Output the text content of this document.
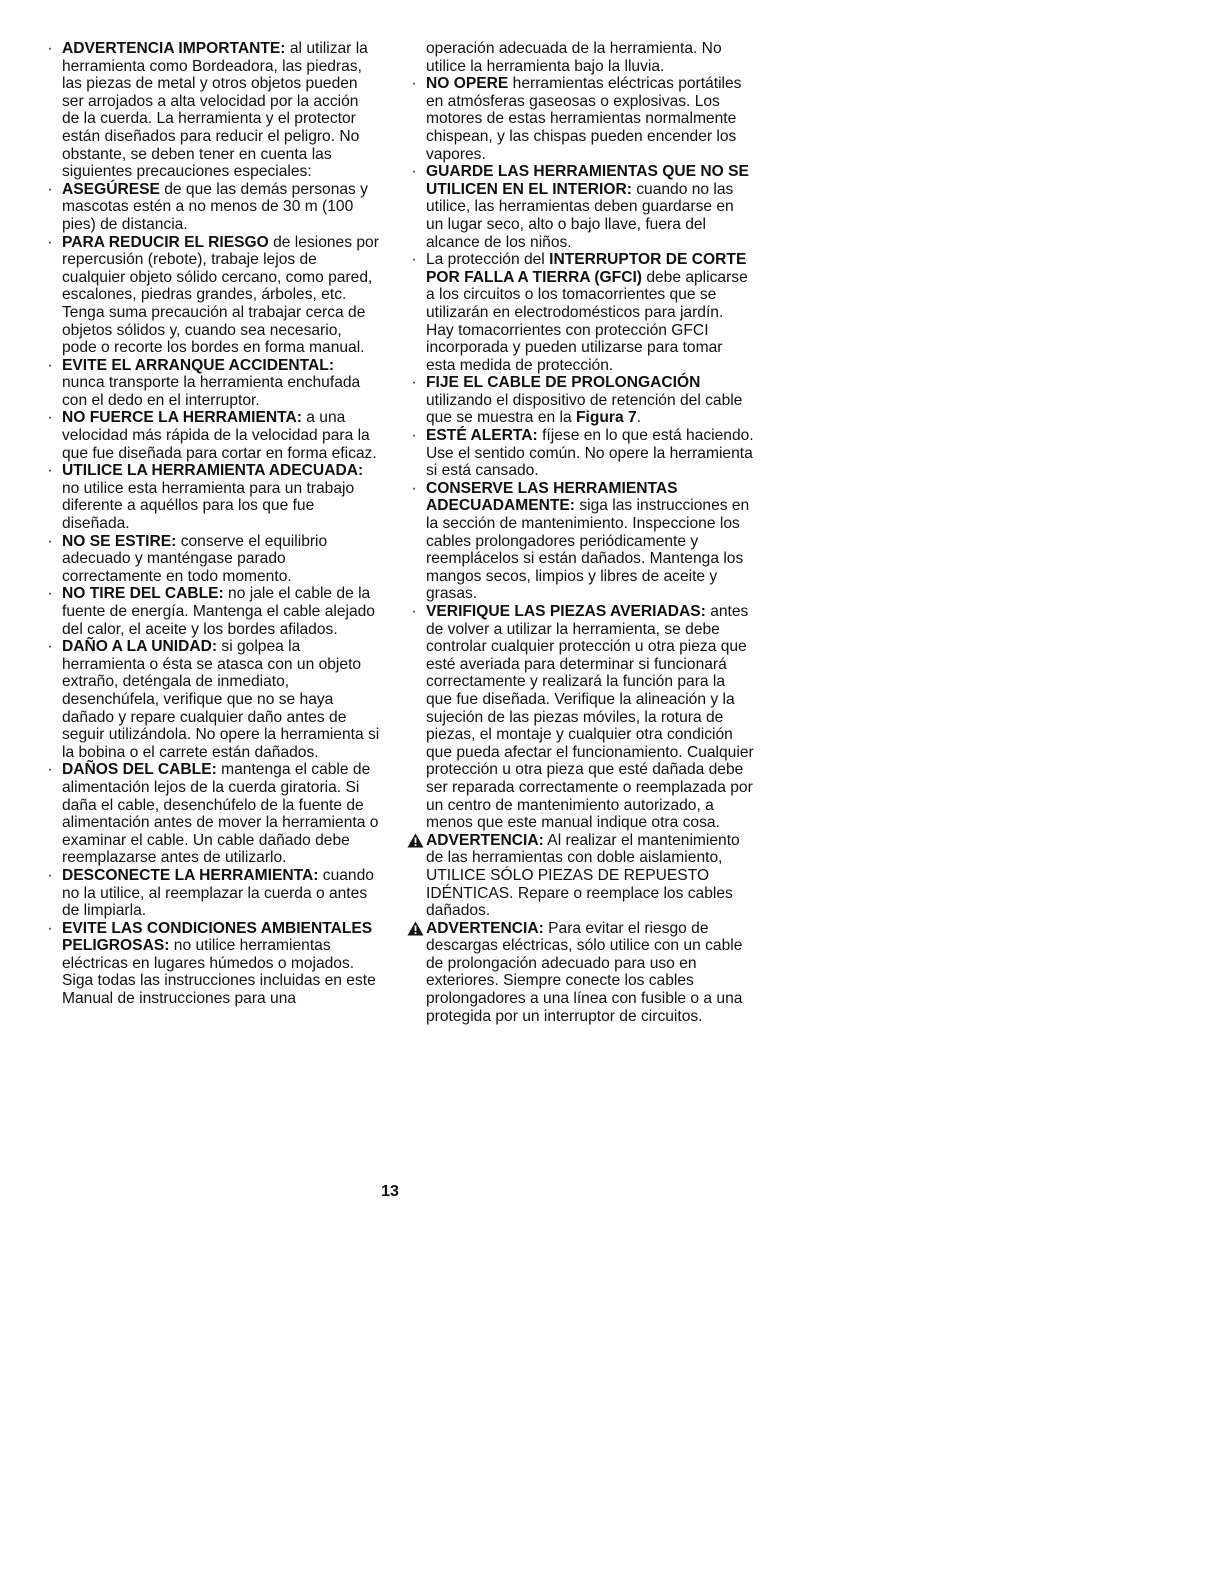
· ADVERTENCIA IMPORTANTE: al utilizar la herramienta como Bordeadora, las piedras, las piezas de metal y otros objetos pueden ser arrojados a alta velocidad por la acción de la cuerda. La herramienta y el protector están diseñados para reducir el peligro. No obstante, se deben tener en cuenta las siguientes precauciones especiales:

· ASEGÚRESE de que las demás personas y mascotas estén a no menos de 30 m (100 pies) de distancia.

· PARA REDUCIR EL RIESGO de lesiones por repercusión (rebote), trabaje lejos de cualquier objeto sólido cercano, como pared, escalones, piedras grandes, árboles, etc. Tenga suma precaución al trabajar cerca de objetos sólidos y, cuando sea necesario, pode o recorte los bordes en forma manual.

· EVITE EL ARRANQUE ACCIDENTAL: nunca transporte la herramienta enchufada con el dedo en el interruptor.

· NO FUERCE LA HERRAMIENTA: a una velocidad más rápida de la velocidad para la que fue diseñada para cortar en forma eficaz.

· UTILICE LA HERRAMIENTA ADECUADA: no utilice esta herramienta para un trabajo diferente a aquéllos para los que fue diseñada.

· NO SE ESTIRE: conserve el equilibrio adecuado y manténgase parado correctamente en todo momento.

· NO TIRE DEL CABLE: no jale el cable de la fuente de energía. Mantenga el cable alejado del calor, el aceite y los bordes afilados.

· DAÑO A LA UNIDAD: si golpea la herramienta o ésta se atasca con un objeto extraño, deténgala de inmediato, desenchúfela, verifique que no se haya dañado y repare cualquier daño antes de seguir utilizándola. No opere la herramienta si la bobina o el carrete están dañados.

· DAÑOS DEL CABLE: mantenga el cable de alimentación lejos de la cuerda giratoria. Si daña el cable, desenchúfelo de la fuente de alimentación antes de mover la herramienta o examinar el cable. Un cable dañado debe reemplazarse antes de utilizarlo.

· DESCONECTE LA HERRAMIENTA: cuando no la utilice, al reemplazar la cuerda o antes de limpiarla.

· EVITE LAS CONDICIONES AMBIENTALES PELIGROSAS: no utilice herramientas eléctricas en lugares húmedos o mojados. Siga todas las instrucciones incluidas en este Manual de instrucciones para una

operación adecuada de la herramienta. No utilice la herramienta bajo la lluvia.

· NO OPERE herramientas eléctricas portátiles en atmósferas gaseosas o explosivas. Los motores de estas herramientas normalmente chispean, y las chispas pueden encender los vapores.

· GUARDE LAS HERRAMIENTAS QUE NO SE UTILICEN EN EL INTERIOR: cuando no las utilice, las herramientas deben guardarse en un lugar seco, alto o bajo llave, fuera del alcance de los niños.

· La protección del INTERRUPTOR DE CORTE POR FALLA A TIERRA (GFCI) debe aplicarse a los circuitos o los tomacorrientes que se utilizarán en electrodomésticos para jardín. Hay tomacorrientes con protección GFCI incorporada y pueden utilizarse para tomar esta medida de protección.

· FIJE EL CABLE DE PROLONGACIÓN utilizando el dispositivo de retención del cable que se muestra en la Figura 7.

· ESTÉ ALERTA: fíjese en lo que está haciendo. Use el sentido común. No opere la herramienta si está cansado.

· CONSERVE LAS HERRAMIENTAS ADECUADAMENTE: siga las instrucciones en la sección de mantenimiento. Inspeccione los cables prolongadores periódicamente y reemplácelos si están dañados. Mantenga los mangos secos, limpios y libres de aceite y grasas.

· VERIFIQUE LAS PIEZAS AVERIADAS: antes de volver a utilizar la herramienta, se debe controlar cualquier protección u otra pieza que esté averiada para determinar si funcionará correctamente y realizará la función para la que fue diseñada. Verifique la alineación y la sujeción de las piezas móviles, la rotura de piezas, el montaje y cualquier otra condición que pueda afectar el funcionamiento. Cualquier protección u otra pieza que esté dañada debe ser reparada correctamente o reemplazada por un centro de mantenimiento autorizado, a menos que este manual indique otra cosa.

ADVERTENCIA: Al realizar el mantenimiento de las herramientas con doble aislamiento, UTILICE SÓLO PIEZAS DE REPUESTO IDÉNTICAS. Repare o reemplace los cables dañados.

ADVERTENCIA: Para evitar el riesgo de descargas eléctricas, sólo utilice con un cable de prolongación adecuado para uso en exteriores. Siempre conecte los cables prolongadores a una línea con fusible o a una protegida por un interruptor de circuitos.

13
